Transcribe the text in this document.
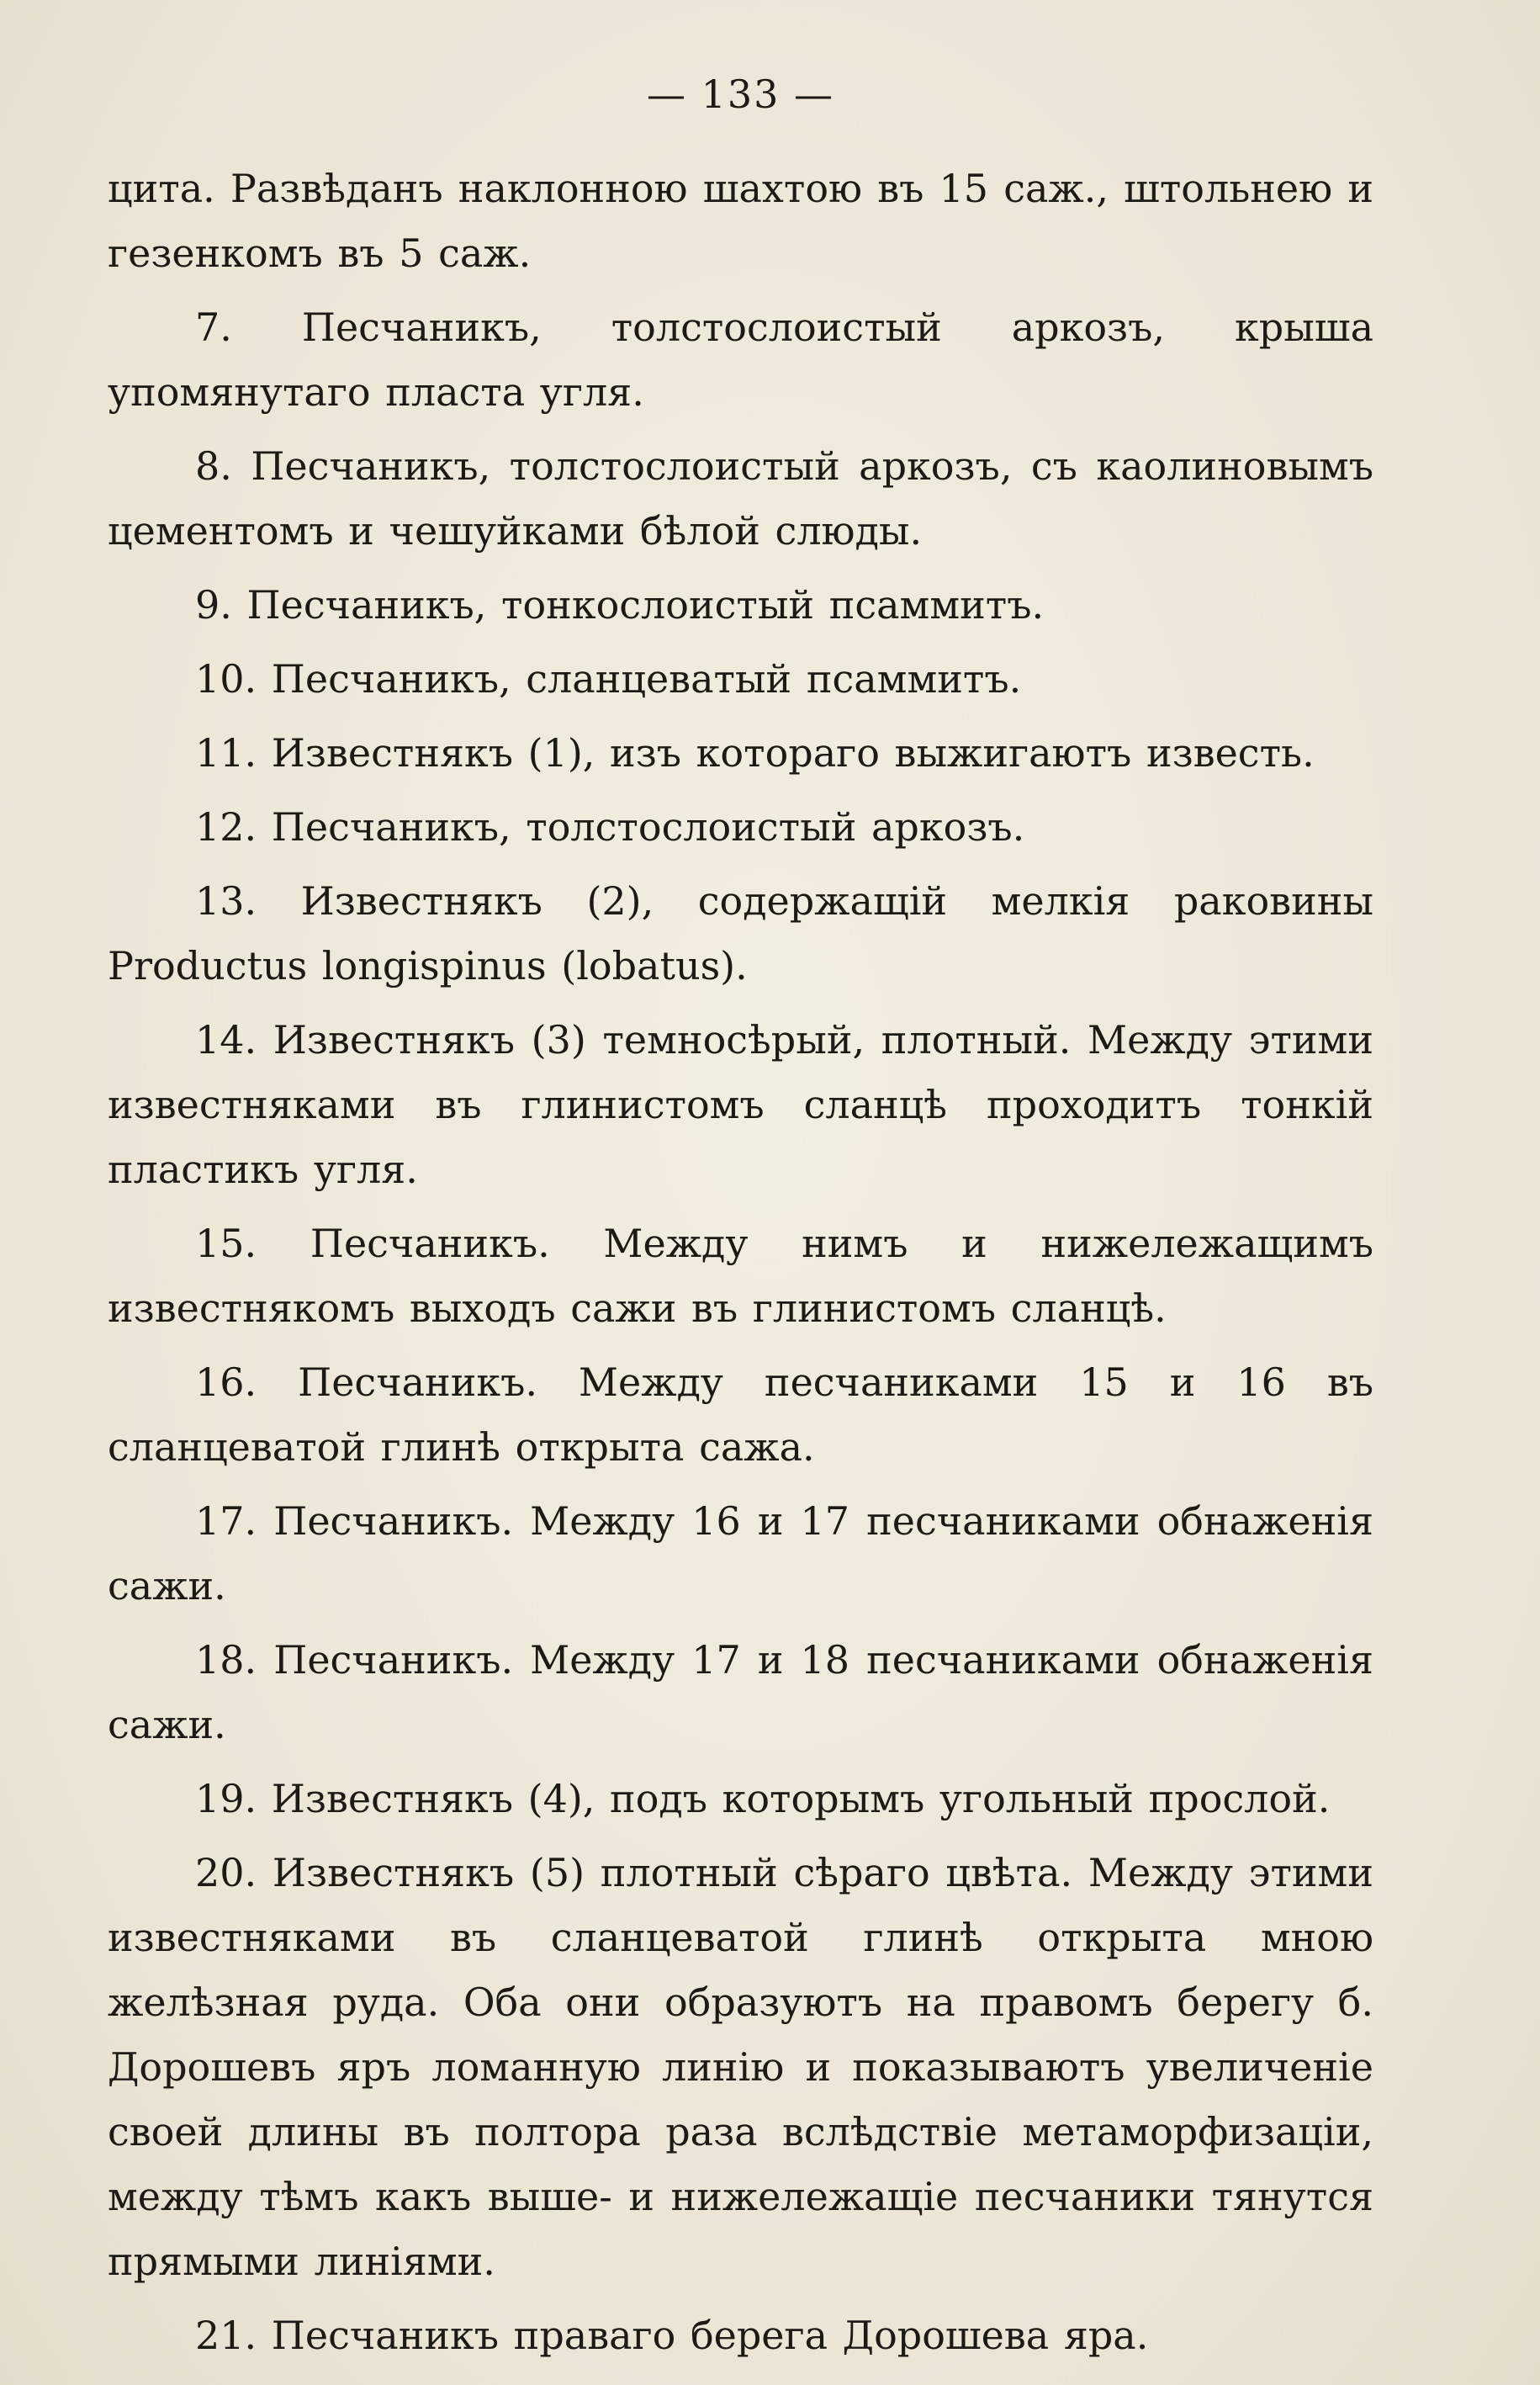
— 133 —

цита. Развѣданъ наклонною шахтою въ 15 саж., штольнею и гезенкомъ въ 5 саж.

7. Песчаникъ, толстослоистый аркозъ, крыша упомянутаго пласта угля.

8. Песчаникъ, толстослоистый аркозъ, съ каолиновымъ цементомъ и чешуйками бѣлой слюды.

9. Песчаникъ, тонкослоистый псаммитъ.

10. Песчаникъ, сланцеватый псаммитъ.

11. Известнякъ (1), изъ котораго выжигаютъ известь.

12. Песчаникъ, толстослоистый аркозъ.

13. Известнякъ (2), содержащій мелкія раковины Productus longispinus (lobatus).

14. Известнякъ (3) темносѣрый, плотный. Между этими известняками въ глинистомъ сланцѣ проходитъ тонкій пластикъ угля.

15. Песчаникъ. Между нимъ и нижележащимъ известнякомъ выходъ сажи въ глинистомъ сланцѣ.

16. Песчаникъ. Между песчаниками 15 и 16 въ сланцеватой глинѣ открыта сажа.

17. Песчаникъ. Между 16 и 17 песчаниками обнаженія сажи.

18. Песчаникъ. Между 17 и 18 песчаниками обнаженія сажи.

19. Известнякъ (4), подъ которымъ угольный прослой.

20. Известнякъ (5) плотный сѣраго цвѣта. Между этими известняками въ сланцеватой глинѣ открыта мною желѣзная руда. Оба они образуютъ на правомъ берегу б. Дорошевъ яръ ломанную линію и показываютъ увеличеніе своей длины въ полтора раза вслѣдствіе метаморфизаціи, между тѣмъ какъ выше- и нижележащіе песчаники тянутся прямыми линіями.

21. Песчаникъ праваго берега Дорошева яра.
